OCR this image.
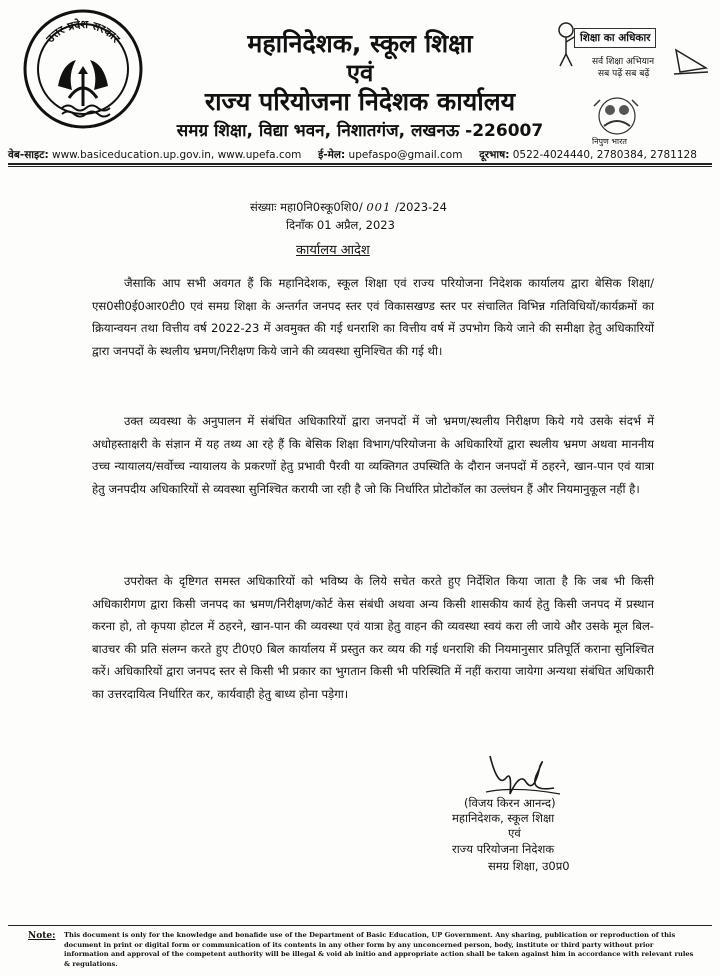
उत्तर प्रदेश सरकार	महानिदेशक, स्कूल शिक्षा
एवं
राज्य परियोजना निदेशक कार्यालय
समग्र शिक्षा, विद्या भवन, निशातगंज, लखनऊ -226007
शिक्षा का अधिकार
सर्व शिक्षा अभियान
सब पढ़ें सब बढ़ें
निपुण भारत
वेब-साइट: www.basiceducation.up.gov.in, www.upefa.com ई-मेल: upefaspo@gmail.com दूरभाष: 0522-4024440, 2780384, 2781128
संख्याः महा0नि0स्कू0शि0/ 001 /2023-24
दिनाँक 01 अप्रैल, 2023
कार्यालय आदेश

जैसाकि आप सभी अवगत हैं कि महानिदेशक, स्कूल शिक्षा एवं राज्य परियोजना निदेशक कार्यालय द्वारा बेसिक शिक्षा/एस0सी0ई0आर0टी0 एवं समग्र शिक्षा के अन्तर्गत जनपद स्तर एवं विकासखण्ड स्तर पर संचालित विभिन्न गतिविधियों/कार्यक्रमों का क्रियान्वयन तथा वित्तीय वर्ष 2022-23 में अवमुक्त की गई धनराशि का वित्तीय वर्ष में उपभोग किये जाने की समीक्षा हेतु अधिकारियों द्वारा जनपदों के स्थलीय भ्रमण/निरीक्षण किये जाने की व्यवस्था सुनिश्चित की गई थी।

उक्त व्यवस्था के अनुपालन में संबंधित अधिकारियों द्वारा जनपदों में जो भ्रमण/स्थलीय निरीक्षण किये गये उसके संदर्भ में अधोहस्ताक्षरी के संज्ञान में यह तथ्य आ रहे हैं कि बेसिक शिक्षा विभाग/परियोजना के अधिकारियों द्वारा स्थलीय भ्रमण अथवा माननीय उच्च न्यायालय/सर्वोच्च न्यायालय के प्रकरणों हेतु प्रभावी पैरवी या व्यक्तिगत उपस्थिति के दौरान जनपदों में ठहरने, खान-पान एवं यात्रा हेतु जनपदीय अधिकारियों से व्यवस्था सुनिश्चित करायी जा रही है जो कि निर्धारित प्रोटोकॉल का उल्लंघन हैं और नियमानुकूल नहीं है।

उपरोक्त के दृष्टिगत समस्त अधिकारियों को भविष्य के लिये सचेत करते हुए निर्देशित किया जाता है कि जब भी किसी अधिकारीगण द्वारा किसी जनपद का भ्रमण/निरीक्षण/कोर्ट केस संबंधी अथवा अन्य किसी शासकीय कार्य हेतु किसी जनपद में प्रस्थान करना हो, तो कृपया होटल में ठहरने, खान-पान की व्यवस्था एवं यात्रा हेतु वाहन की व्यवस्था स्वयं करा ली जाये और उसके मूल बिल-बाउचर की प्रति संलग्न करते हुए टी0ए0 बिल कार्यालय में प्रस्तुत कर व्यय की गई धनराशि की नियमानुसार प्रतिपूर्ति कराना सुनिश्चित करें। अधिकारियों द्वारा जनपद स्तर से किसी भी प्रकार का भुगतान किसी भी परिस्थिति में नहीं कराया जायेगा अन्यथा संबंधित अधिकारी का उत्तरदायित्व निर्धारित कर, कार्यवाही हेतु बाध्य होना पड़ेगा।

(विजय किरन आनन्द)
महानिदेशक, स्कूल शिक्षा
एवं
राज्य परियोजना निदेशक
समग्र शिक्षा, उ0प्र0
Note: This document is only for the knowledge and bonafide use of the Department of Basic Education, UP Government. Any sharing, publication or reproduction of this document in print or digital form or communication of its contents in any other form by any unconcerned person, body, institute or third party without prior information and approval of the competent authority will be illegal & void ab initio and appropriate action shall be taken against him in accordance with relevant rules & regulations.
